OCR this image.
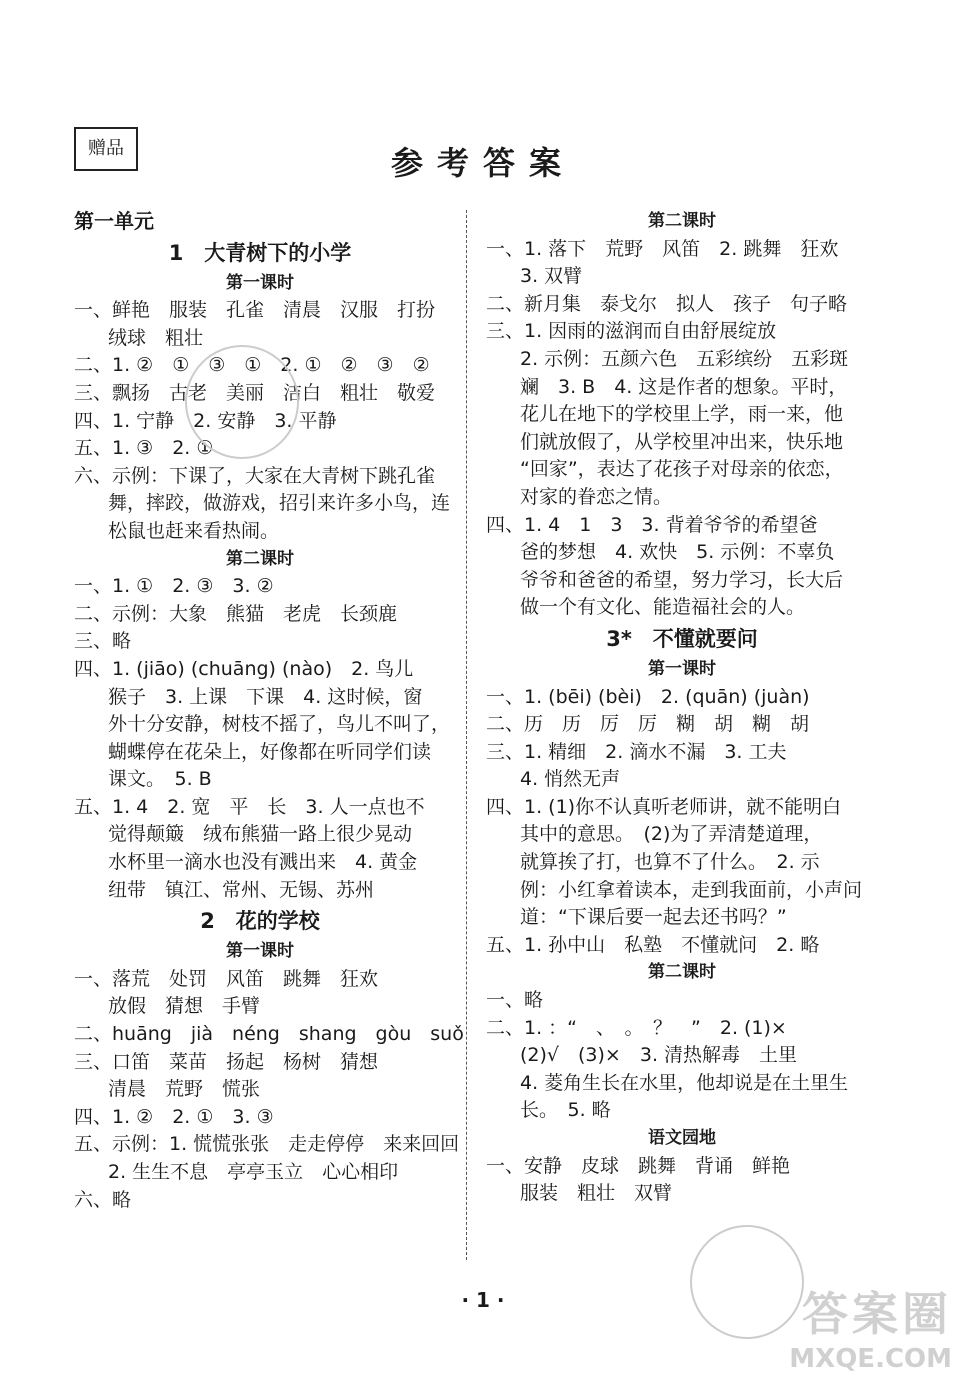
赠品	参考答案
第一单元
1　大青树下的小学
第一课时
一、鲜艳　服装　孔雀　清晨　汉服　打扮
绒球　粗壮
二、1. ②　①　③　①　2. ①　②　③　②
三、飘扬　古老　美丽　洁白　粗壮　敬爱
四、1. 宁静　2. 安静　3. 平静
五、1. ③　2. ①
六、示例：下课了，大家在大青树下跳孔雀
舞，摔跤，做游戏，招引来许多小鸟，连
松鼠也赶来看热闹。
第二课时
一、1. ①　2. ③　3. ②
二、示例：大象　熊猫　老虎　长颈鹿
三、略
四、1. (jiāo) (chuāng) (nào)　2. 鸟儿
猴子　3. 上课　下课　4. 这时候，窗
外十分安静，树枝不摇了，鸟儿不叫了，
蝴蝶停在花朵上，好像都在听同学们读
课文。　5. B
五、1. 4　2. 宽　平　长　3. 人一点也不
觉得颠簸　绒布熊猫一路上很少晃动
水杯里一滴水也没有溅出来　4. 黄金
纽带　镇江、常州、无锡、苏州
2　花的学校
第一课时
一、落荒　处罚　风笛　跳舞　狂欢
放假　猜想　手臂
二、huāng　jià　néng　shang　gòu　suǒ
三、口笛　菜苗　扬起　杨树　猜想
清晨　荒野　慌张
四、1. ②　2. ①　3. ③
五、示例：1. 慌慌张张　走走停停　来来回回
2. 生生不息　亭亭玉立　心心相印
六、略
第二课时
一、1. 落下　荒野　风笛　2. 跳舞　狂欢
3. 双臂
二、新月集　泰戈尔　拟人　孩子　句子略
三、1. 因雨的滋润而自由舒展绽放
2. 示例：五颜六色　五彩缤纷　五彩斑
斓　3. B　4. 这是作者的想象。平时，
花儿在地下的学校里上学，雨一来，他
们就放假了，从学校里冲出来，快乐地
“回家”，表达了花孩子对母亲的依恋，
对家的眷恋之情。
四、1. 4　1　3　3. 背着爷爷的希望爸
爸的梦想　4. 欢快　5. 示例：不辜负
爷爷和爸爸的希望，努力学习，长大后
做一个有文化、能造福社会的人。
3*　不懂就要问
第一课时
一、1. (bēi) (bèi)　2. (quān) (juàn)
二、历　历　厉　厉　糊　胡　糊　胡
三、1. 精细　2. 滴水不漏　3. 工夫
4. 悄然无声
四、1. (1)你不认真听老师讲，就不能明白
其中的意思。　(2)为了弄清楚道理，
就算挨了打，也算不了什么。　2. 示
例：小红拿着读本，走到我面前，小声问
道：“下课后要一起去还书吗？”
五、1. 孙中山　私塾　不懂就问　2. 略
第二课时
一、略
二、1. ：“　、　。　？　”　2. (1)×
(2)√　(3)×　3. 清热解毒　土里
4. 菱角生长在水里，他却说是在土里生
长。　5. 略
语文园地
一、安静　皮球　跳舞　背诵　鲜艳
服装　粗壮　双臂
· 1 ·	答案圈
MXQE.COM
